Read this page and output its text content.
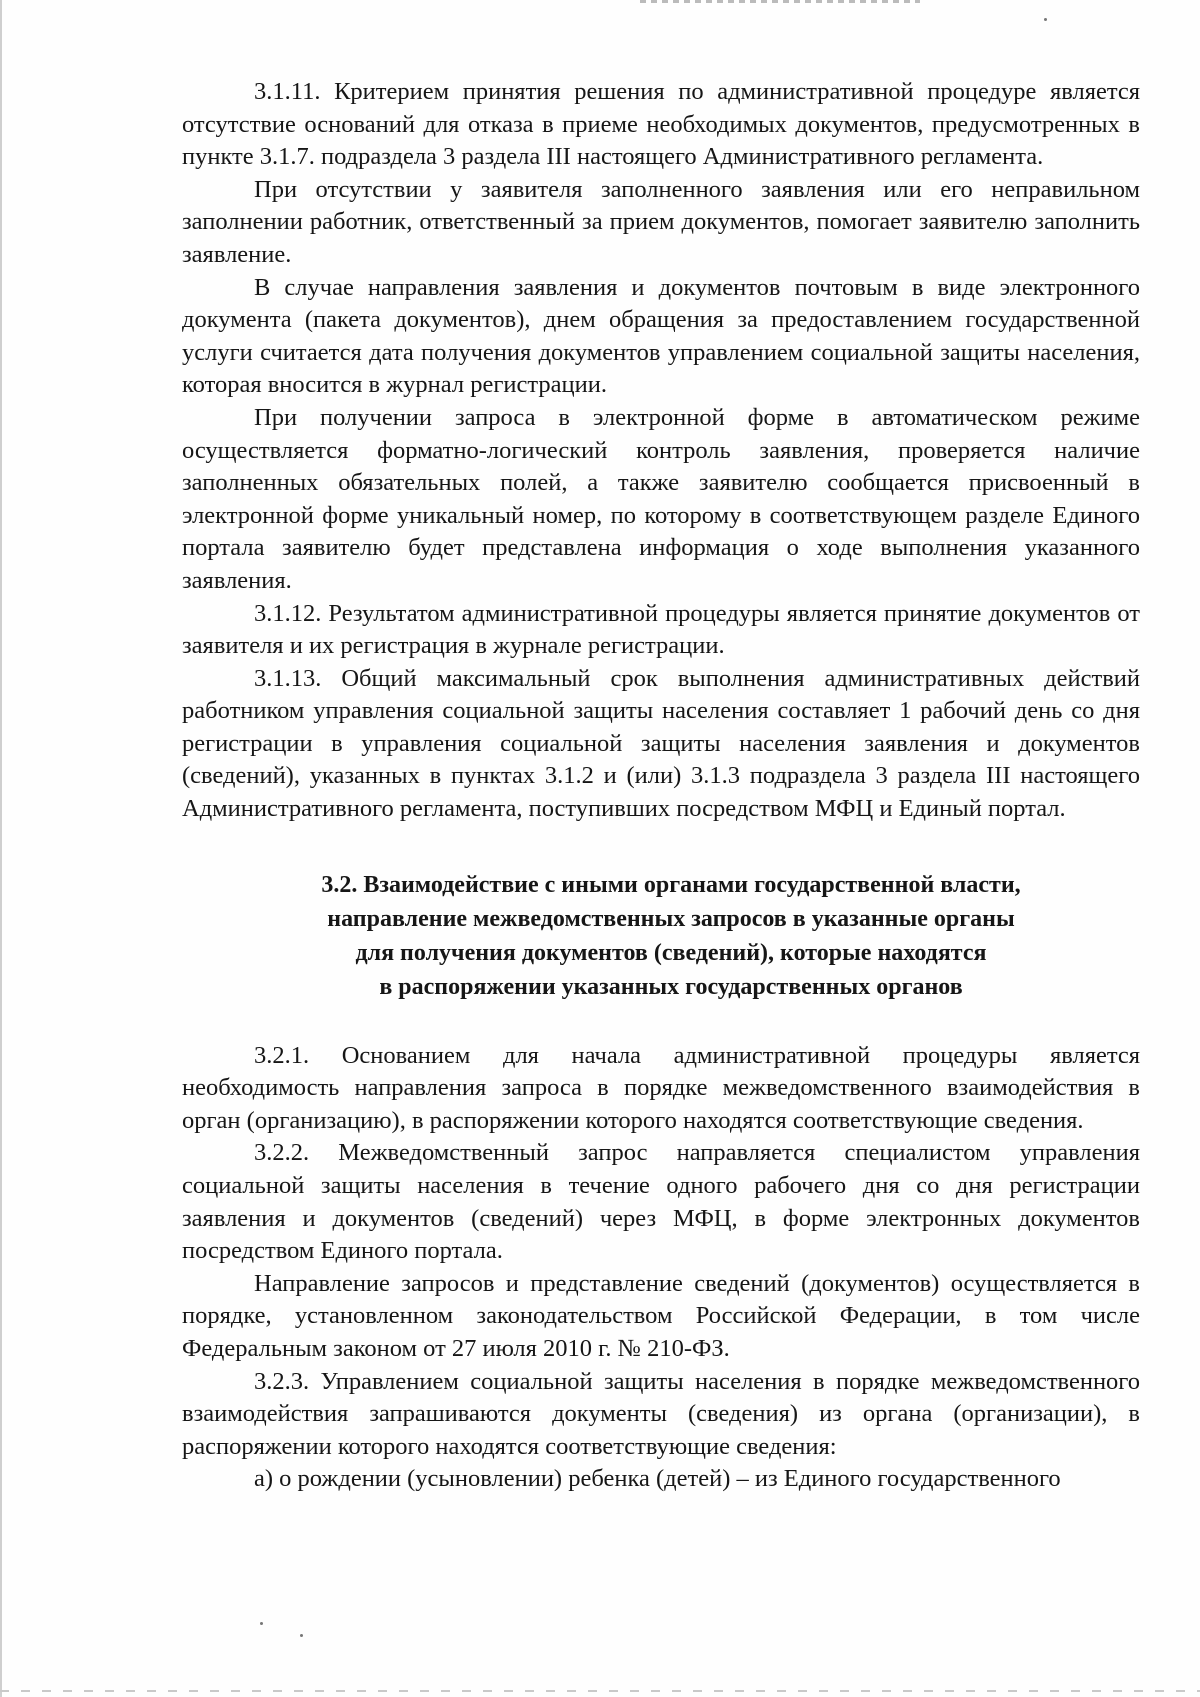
3.1.11. Критерием принятия решения по административной процедуре является отсутствие оснований для отказа в приеме необходимых документов, предусмотренных в пункте 3.1.7. подраздела 3 раздела III настоящего Административного регламента.

При отсутствии у заявителя заполненного заявления или его неправильном заполнении работник, ответственный за прием документов, помогает заявителю заполнить заявление.

В случае направления заявления и документов почтовым в виде электронного документа (пакета документов), днем обращения за предоставлением государственной услуги считается дата получения документов управлением социальной защиты населения, которая вносится в журнал регистрации.

При получении запроса в электронной форме в автоматическом режиме осуществляется форматно-логический контроль заявления, проверяется наличие заполненных обязательных полей, а также заявителю сообщается присвоенный в электронной форме уникальный номер, по которому в соответствующем разделе Единого портала заявителю будет представлена информация о ходе выполнения указанного заявления.

3.1.12. Результатом административной процедуры является принятие документов от заявителя и их регистрация в журнале регистрации.

3.1.13. Общий максимальный срок выполнения административных действий работником управления социальной защиты населения составляет 1 рабочий день со дня регистрации в управления социальной защиты населения заявления и документов (сведений), указанных в пунктах 3.1.2 и (или) 3.1.3 подраздела 3 раздела III настоящего Административного регламента, поступивших посредством МФЦ и Единый портал.

3.2. Взаимодействие с иными органами государственной власти,
направление межведомственных запросов в указанные органы
для получения документов (сведений), которые находятся
в распоряжении указанных государственных органов

3.2.1. Основанием для начала административной процедуры является необходимость направления запроса в порядке межведомственного взаимодействия в орган (организацию), в распоряжении которого находятся соответствующие сведения.

3.2.2. Межведомственный запрос направляется специалистом управления социальной защиты населения в течение одного рабочего дня со дня регистрации заявления и документов (сведений) через МФЦ, в форме электронных документов посредством Единого портала.

Направление запросов и представление сведений (документов) осуществляется в порядке, установленном законодательством Российской Федерации, в том числе Федеральным законом от 27 июля 2010 г. № 210-ФЗ.

3.2.3. Управлением социальной защиты населения в порядке межведомственного взаимодействия запрашиваются документы (сведения) из органа (организации), в распоряжении которого находятся соответствующие сведения:

а) о рождении (усыновлении) ребенка (детей) – из Единого государственного
